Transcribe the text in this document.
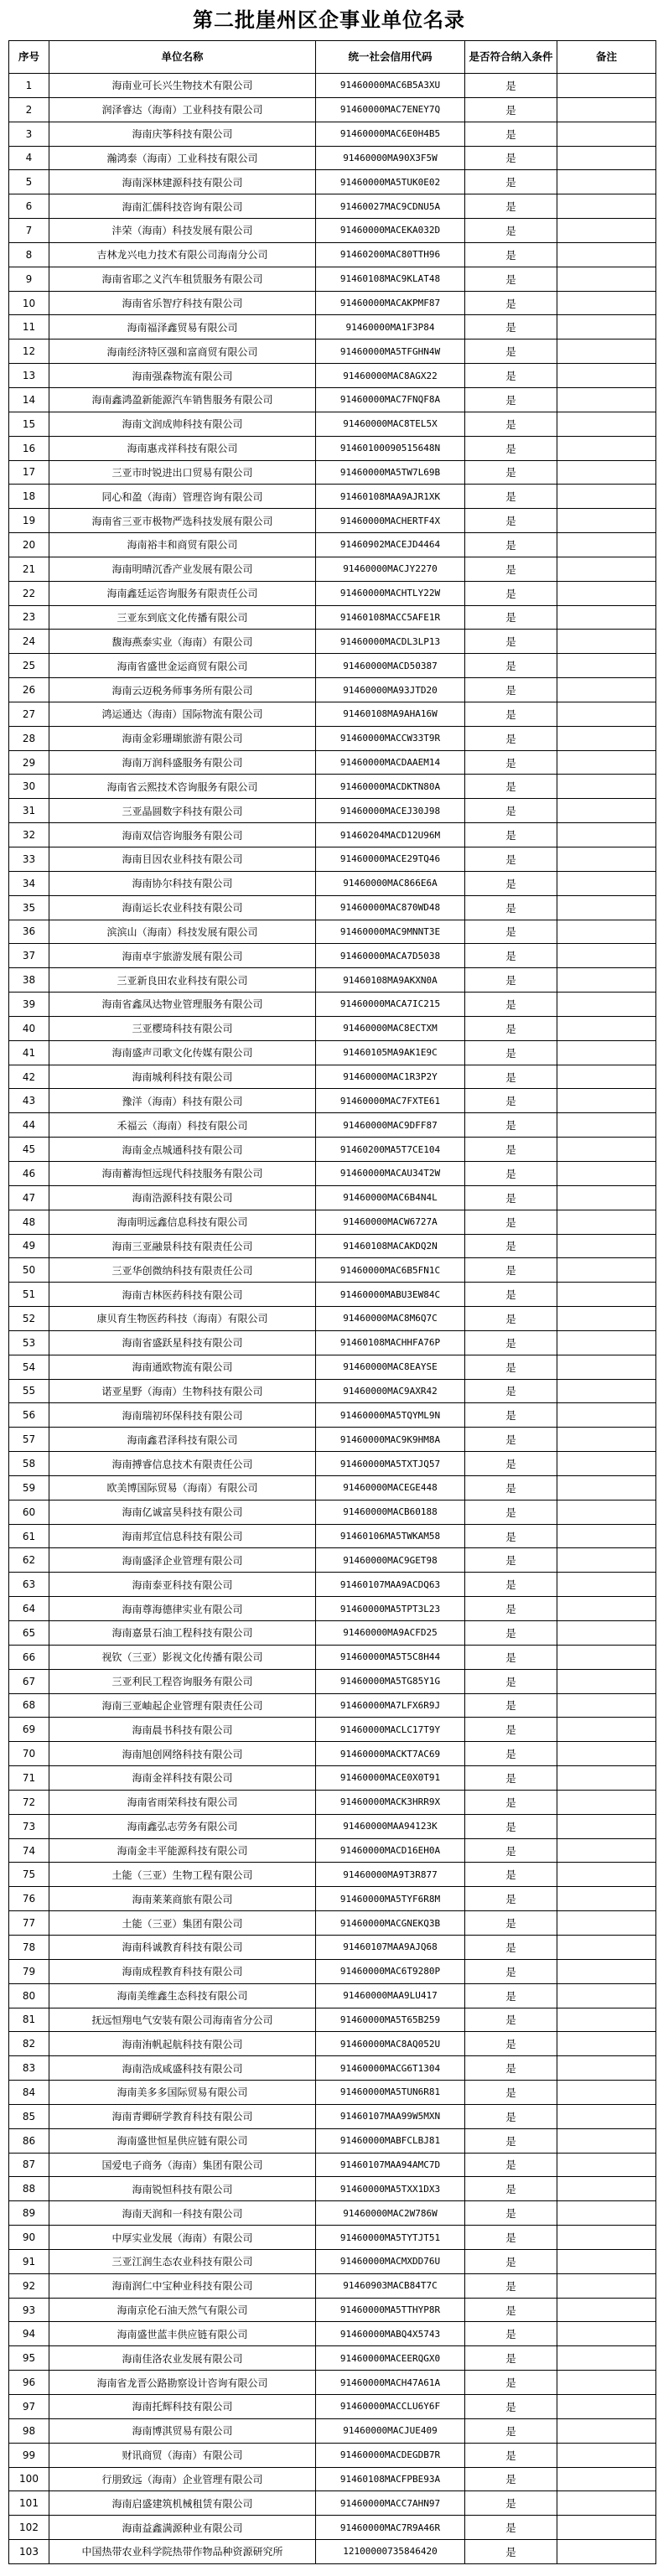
第二批崖州区企事业单位名录
序号	单位名称	统一社会信用代码	是否符合纳入条件	备注
1	海南业可长兴生物技术有限公司	91460000MAC6B5A3XU	是	
2	润泽睿达（海南）工业科技有限公司	91460000MAC7ENEY7Q	是	
3	海南庆筝科技有限公司	91460000MAC6E0H4B5	是	
4	瀚鸿泰（海南）工业科技有限公司	91460000MA90X3F5W	是	
5	海南深林建源科技有限公司	91460000MA5TUK0E02	是	
6	海南汇儒科技咨询有限公司	91460027MAC9CDNU5A	是	
7	沣荣（海南）科技发展有限公司	91460000MACEKA032D	是	
8	吉林龙兴电力技术有限公司海南分公司	91460200MAC80TTH96	是	
9	海南省耶之义汽车租赁服务有限公司	91460108MAC9KLAT48	是	
10	海南省乐智疗科技有限公司	91460000MACAKPMF87	是	
11	海南福泽鑫贸易有限公司	91460000MA1F3P84	是	
12	海南经济特区强和富商贸有限公司	91460000MA5TFGHN4W	是	
13	海南强森物流有限公司	91460000MAC8AGX22	是	
14	海南鑫鸿盈新能源汽车销售服务有限公司	91460000MAC7FNQF8A	是	
15	海南文润成帅科技有限公司	91460000MAC8TEL5X	是	
16	海南惠戎祥科技有限公司	91460100090515648N	是	
17	三亚市时锐进出口贸易有限公司	91460000MA5TW7L69B	是	
18	同心和盈（海南）管理咨询有限公司	91460108MAA9AJR1XK	是	
19	海南省三亚市极物严选科技发展有限公司	91460000MACHERTF4X	是	
20	海南裕丰和商贸有限公司	91460902MACEJD4464	是	
21	海南明晴沉香产业发展有限公司	91460000MACJY2270	是	
22	海南鑫廷运咨询服务有限责任公司	91460000MACHTLY22W	是	
23	三亚东到底文化传播有限公司	91460108MACC5AFE1R	是	
24	馥海燕泰实业（海南）有限公司	91460000MACDL3LP13	是	
25	海南省盛世金运商贸有限公司	91460000MACD50387	是	
26	海南云迈税务师事务所有限公司	91460000MA93JTD20	是	
27	鸿运通达（海南）国际物流有限公司	91460108MA9AHA16W	是	
28	海南金彩珊瑚旅游有限公司	91460000MACCW33T9R	是	
29	海南万润科盛服务有限公司	91460000MACDAAEM14	是	
30	海南省云熙技术咨询服务有限公司	91460000MACDKTN80A	是	
31	三亚晶圆数字科技有限公司	91460000MACEJ30J98	是	
32	海南双信咨询服务有限公司	91460204MACD12U96M	是	
33	海南目因农业科技有限公司	91460000MACE29TQ46	是	
34	海南协尔科技有限公司	91460000MAC866E6A	是	
35	海南运长农业科技有限公司	91460000MAC870WD48	是	
36	滨滨山（海南）科技发展有限公司	91460000MAC9MNNT3E	是	
37	海南卓宇旅游发展有限公司	91460000MACA7D5038	是	
38	三亚新良田农业科技有限公司	91460108MA9AKXN0A	是	
39	海南省鑫凤达物业管理服务有限公司	91460000MACA7IC215	是	
40	三亚樱琦科技有限公司	91460000MAC8ECTXM	是	
41	海南盛声司歌文化传媒有限公司	91460105MA9AK1E9C	是	
42	海南城利科技有限公司	91460000MAC1R3P2Y	是	
43	豫洋（海南）科技有限公司	91460000MAC7FXTE61	是	
44	禾福云（海南）科技有限公司	91460000MAC9DFF87	是	
45	海南金点城通科技有限公司	91460200MA5T7CE104	是	
46	海南蓄海恒远现代科技服务有限公司	91460000MACAU34T2W	是	
47	海南浩源科技有限公司	91460000MAC6B4N4L	是	
48	海南明远鑫信息科技有限公司	91460000MACW6727A	是	
49	海南三亚融景科技有限责任公司	91460108MACAKDQ2N	是	
50	三亚华创微纳科技有限责任公司	91460000MAC6B5FN1C	是	
51	海南吉林医药科技有限公司	91460000MABU3EW84C	是	
52	康贝育生物医药科技（海南）有限公司	91460000MAC8M6Q7C	是	
53	海南省盛跃星科技有限公司	91460108MACHHFA76P	是	
54	海南通欧物流有限公司	91460000MAC8EAYSE	是	
55	诺亚星野（海南）生物科技有限公司	91460000MAC9AXR42	是	
56	海南瑞初环保科技有限公司	91460000MA5TQYML9N	是	
57	海南鑫君泽科技有限公司	91460000MAC9K9HM8A	是	
58	海南搏睿信息技术有限责任公司	91460000MA5TXTJQ57	是	
59	欧美博国际贸易（海南）有限公司	91460000MACEGE448	是	
60	海南亿诚富昊科技有限公司	91460000MACB60188	是	
61	海南邦宜信息科技有限公司	91460106MA5TWKAM58	是	
62	海南盛泽企业管理有限公司	91460000MAC9GET98	是	
63	海南泰亚科技有限公司	91460107MAA9ACDQ63	是	
64	海南尊海德律实业有限公司	91460000MA5TPT3L23	是	
65	海南嘉景石油工程科技有限公司	91460000MA9ACFD25	是	
66	视钦（三亚）影视文化传播有限公司	91460000MA5T5C8H44	是	
67	三亚利民工程咨询服务有限公司	91460000MA5TG85Y1G	是	
68	海南三亚岫起企业管理有限责任公司	91460000MA7LFX6R9J	是	
69	海南晨书科技有限公司	91460000MACLC17T9Y	是	
70	海南旭创网络科技有限公司	91460000MACKT7AC69	是	
71	海南金祥科技有限公司	91460000MACE0X0T91	是	
72	海南省雨荣科技有限公司	91460000MACK3HRR9X	是	
73	海南鑫弘志劳务有限公司	91460000MAA94123K	是	
74	海南金丰平能源科技有限公司	91460000MACD16EH0A	是	
75	土能（三亚）生物工程有限公司	91460000MA9T3R877	是	
76	海南莱莱商旅有限公司	91460000MA5TYF6R8M	是	
77	土能（三亚）集团有限公司	91460000MACGNEKQ3B	是	
78	海南科诚教育科技有限公司	91460107MAA9AJQ68	是	
79	海南成程教育科技有限公司	91460000MAC6T9280P	是	
80	海南美维鑫生态科技有限公司	91460000MAA9LU417	是	
81	抚远恒翔电气安装有限公司海南省分公司	91460000MA5T65B259	是	
82	海南洧帆起航科技有限公司	91460000MAC8AQ052U	是	
83	海南浩成咸盛科技有限公司	91460000MACG6T1304	是	
84	海南美多多国际贸易有限公司	91460000MA5TUN6R81	是	
85	海南青卿研学教育科技有限公司	91460107MAA99W5MXN	是	
86	海南盛世恒星供应链有限公司	91460000MABFCLBJ81	是	
87	国爱电子商务（海南）集团有限公司	91460107MAA94AMC7D	是	
88	海南锐恒科技有限公司	91460000MA5TXX1DX3	是	
89	海南天润和一科技有限公司	91460000MAC2W786W	是	
90	中厚实业发展（海南）有限公司	91460000MA5TYTJT51	是	
91	三亚江润生态农业科技有限公司	91460000MACMXDD76U	是	
92	海南润仁中宝种业科技有限公司	91460903MACB84T7C	是	
93	海南京伦石油天然气有限公司	91460000MA5TTHYP8R	是	
94	海南盛世蓝丰供应链有限公司	91460000MABQ4X5743	是	
95	海南佳洛农业发展有限公司	91460000MACEERQGX0	是	
96	海南省龙晋公路勘察设计咨询有限公司	91460000MACH47A61A	是	
97	海南托辉科技有限公司	91460000MACCLU6Y6F	是	
98	海南博淇贸易有限公司	91460000MACJUE409	是	
99	财讯商贸（海南）有限公司	91460000MACDEGDB7R	是	
100	行朋致远（海南）企业管理有限公司	91460108MACFPBE93A	是	
101	海南启盛建筑机械租赁有限公司	91460000MACC7AHN97	是	
102	海南益鑫满源种业有限公司	91460000MAC7R9A46R	是	
103	中国热带农业科学院热带作物品种资源研究所	12100000735846420	是	
